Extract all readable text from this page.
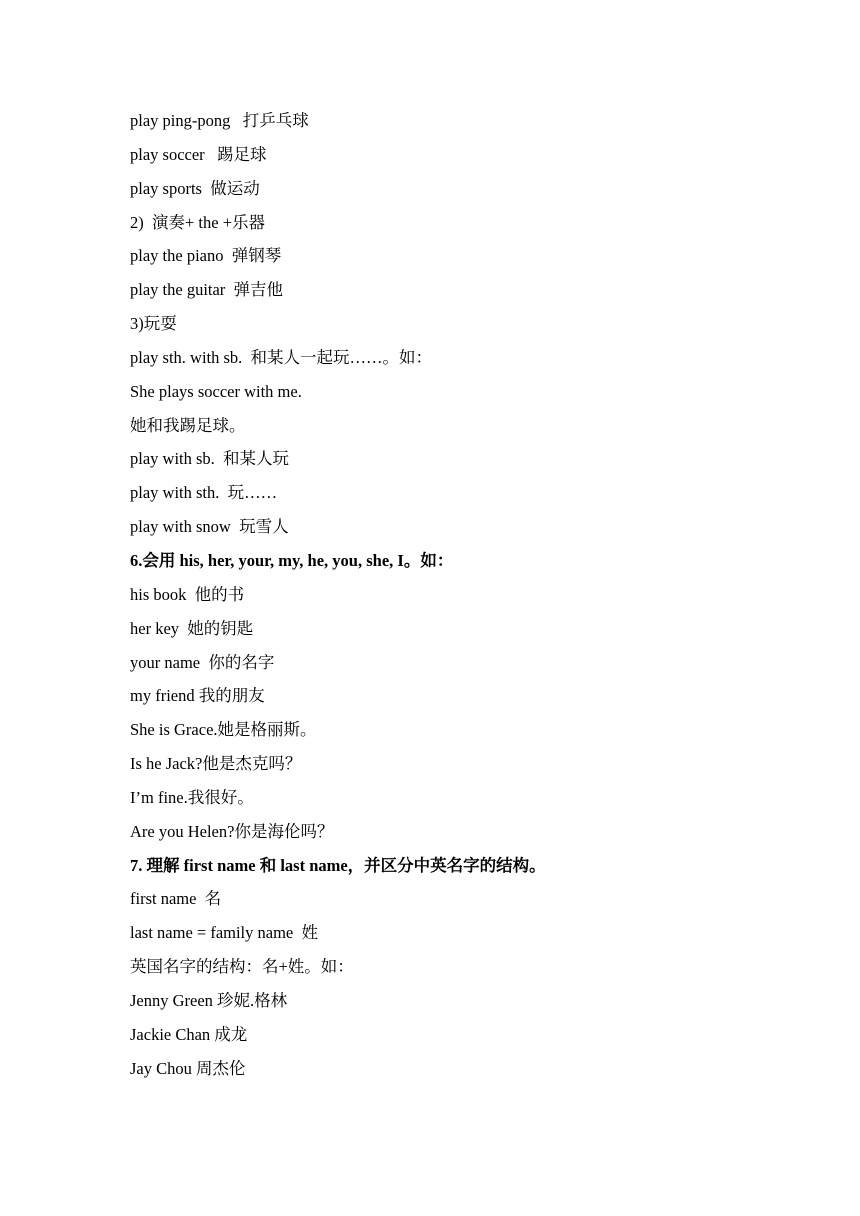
play ping-pong   打乒乓球
play soccer   踢足球
play sports  做运动
2)  演奏+ the +乐器
play the piano  弹钢琴
play the guitar  弹吉他
3)玩耍
play sth. with sb.  和某人一起玩……。如：
She plays soccer with me.
她和我踢足球。
play with sb.  和某人玩
play with sth.  玩……
play with snow  玩雪人
6.会用 his, her, your, my, he, you, she, I。如：
his book  他的书
her key  她的钥匙
your name  你的名字
my friend 我的朋友
She is Grace.她是格丽斯。
Is he Jack?他是杰克吗？
I’m fine.我很好。
Are you Helen?你是海伦吗？
7. 理解 first name 和 last name，并区分中英名字的结构。
first name  名
last name = family name  姓
英国名字的结构：名+姓。如：
Jenny Green 珍妮.格林
Jackie Chan 成龙
Jay Chou 周杰伦
